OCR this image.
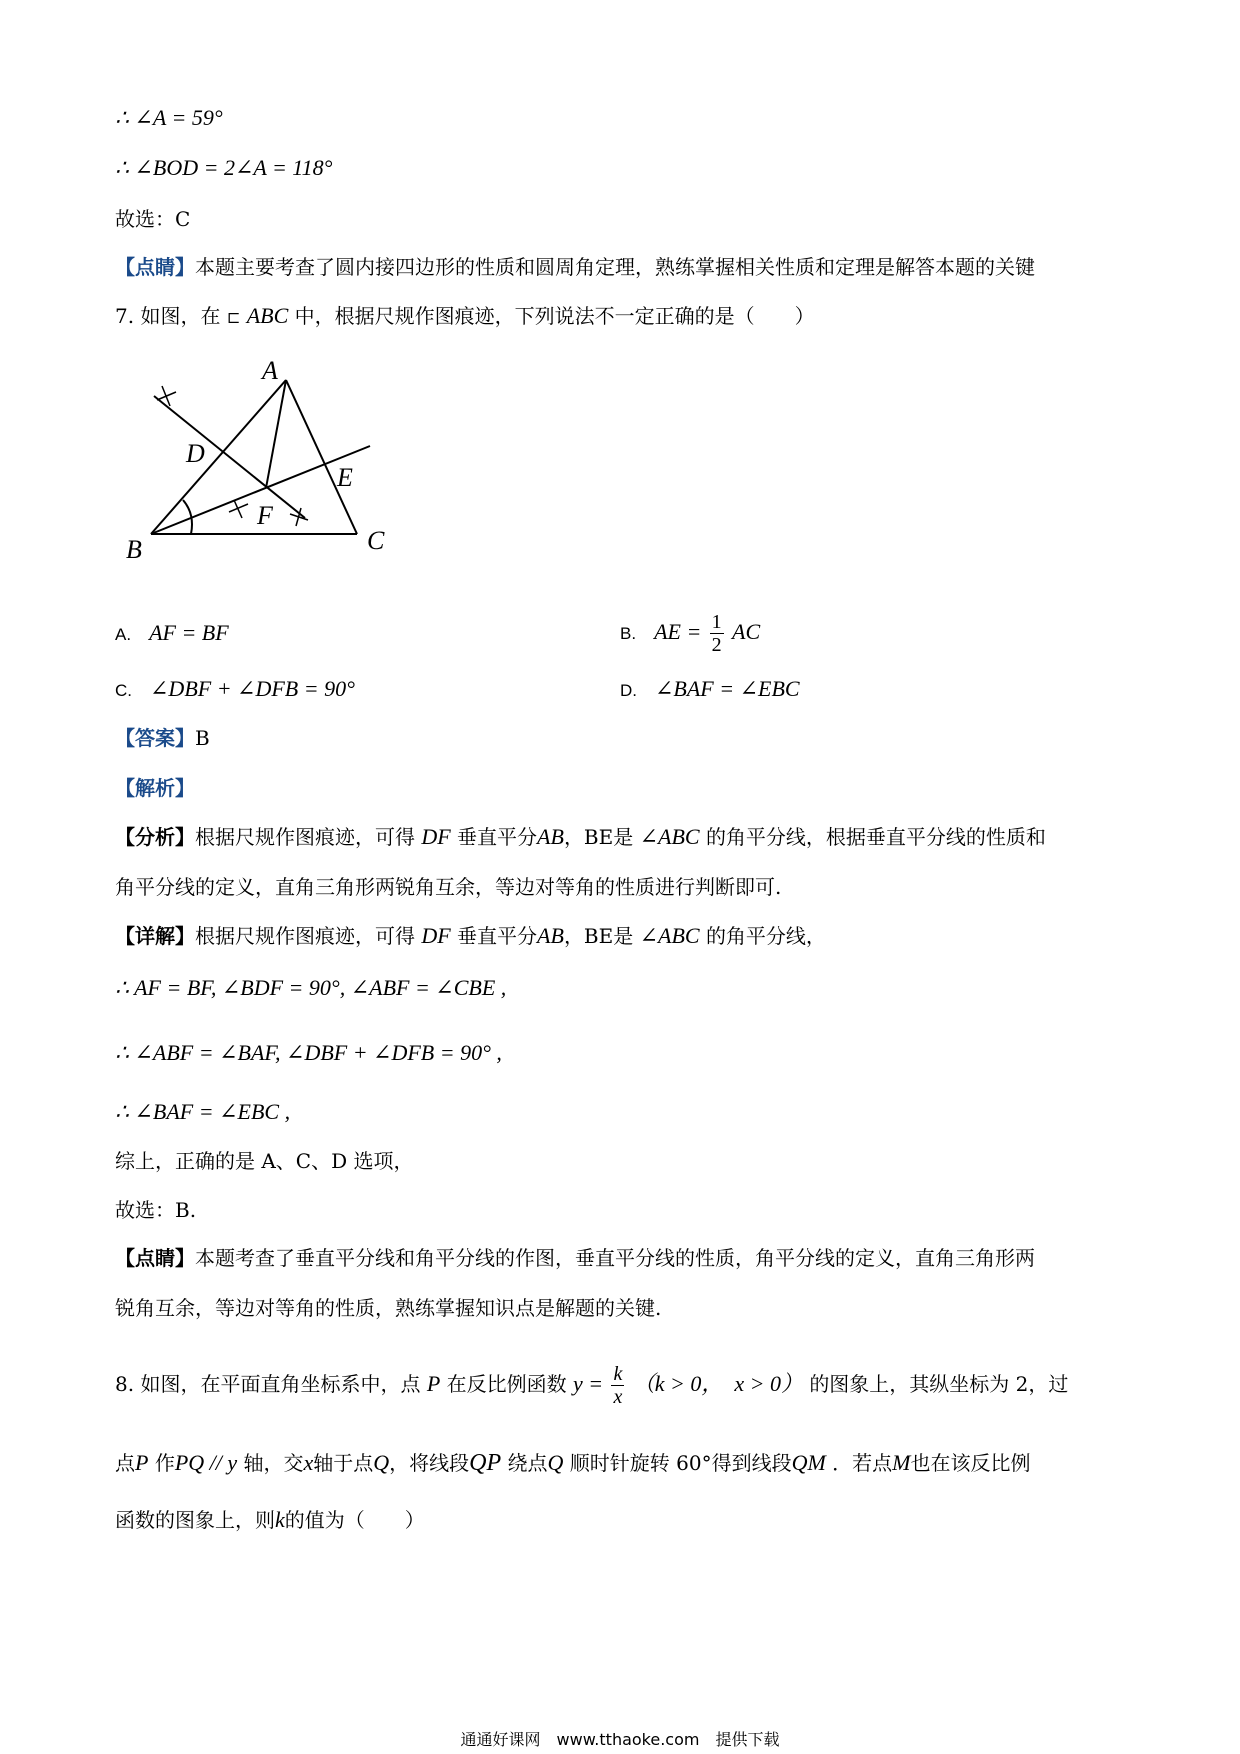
∴ ∠A = 59°
∴ ∠BOD = 2∠A = 118°
故选：C
【点睛】本题主要考查了圆内接四边形的性质和圆周角定理，熟练掌握相关性质和定理是解答本题的关键
7. 如图，在 ⊏ ABC 中，根据尺规作图痕迹，下列说法不一定正确的是（　　）
A
B	C
D
E
F
A. AF = BF	B. AE = $\frac{1}{2}$ AC
C. ∠DBF + ∠DFB = 90°	D. ∠BAF = ∠EBC
【答案】B
【解析】
【分析】根据尺规作图痕迹，可得 DF 垂直平分AB，BE是 ∠ABC 的角平分线，根据垂直平分线的性质和
角平分线的定义，直角三角形两锐角互余，等边对等角的性质进行判断即可.
【详解】根据尺规作图痕迹，可得 DF 垂直平分AB，BE是 ∠ABC 的角平分线，
∴ AF = BF, ∠BDF = 90°, ∠ABF = ∠CBE ,
∴ ∠ABF = ∠BAF, ∠DBF + ∠DFB = 90° ,
∴ ∠BAF = ∠EBC ,
综上，正确的是 A、C、D 选项，
故选：B.
【点睛】本题考查了垂直平分线和角平分线的作图，垂直平分线的性质，角平分线的定义，直角三角形两
锐角互余，等边对等角的性质，熟练掌握知识点是解题的关键.
8. 如图，在平面直角坐标系中，点 P 在反比例函数 $y = \frac{k}{x} (k > 0$，　x > 0） 的图象上，其纵坐标为 2，过
点P 作PQ // y 轴，交x轴于点Q，将线段QP 绕点Q 顺时针旋转 60°得到线段QM ．若点M也在该反比例
函数的图象上，则k的值为（　　）
通通好课网　www.tthaoke.com　提供下载
